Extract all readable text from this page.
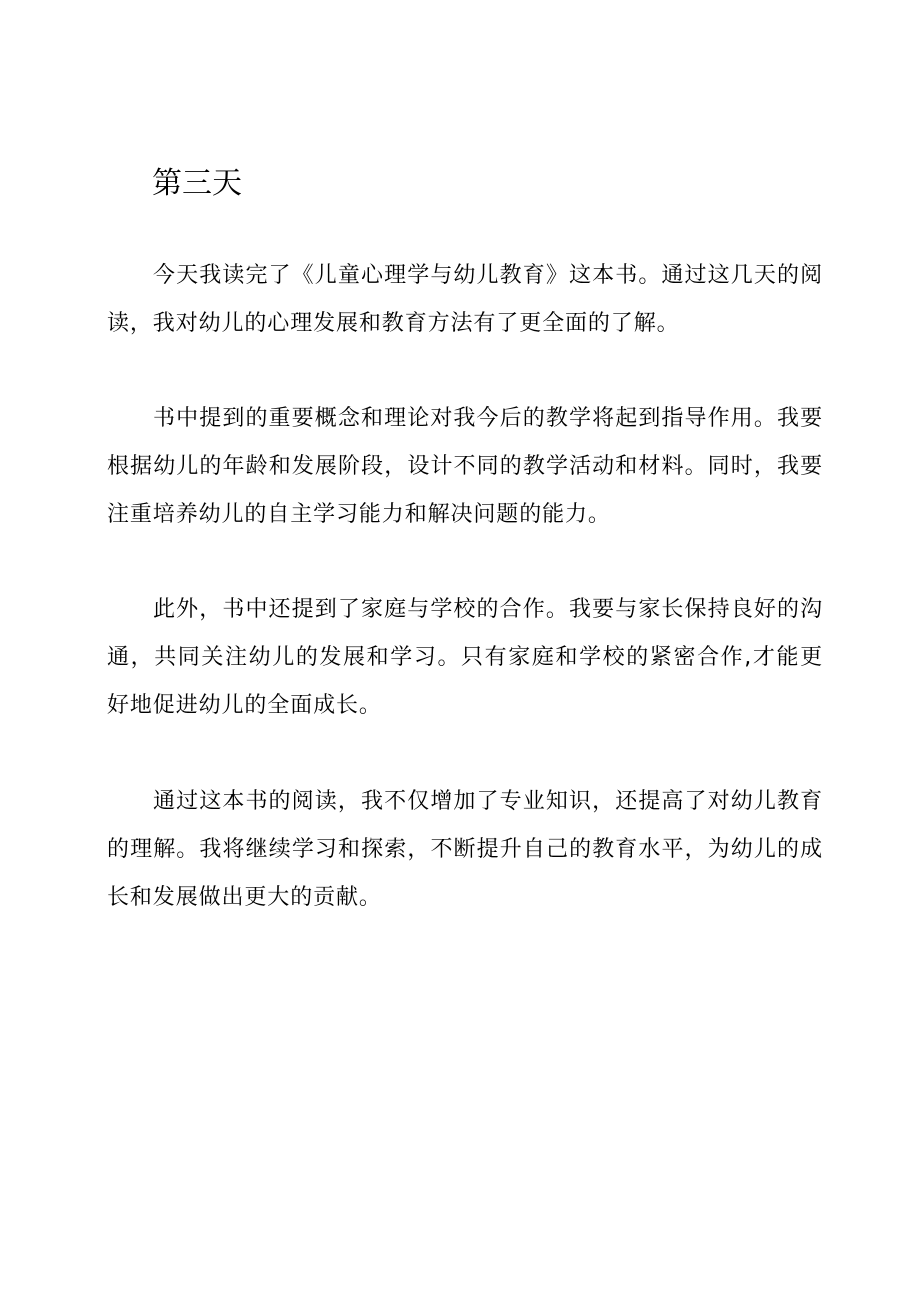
第三天

今天我读完了《儿童心理学与幼儿教育》这本书。通过这几天的阅读，我对幼儿的心理发展和教育方法有了更全面的了解。

书中提到的重要概念和理论对我今后的教学将起到指导作用。我要根据幼儿的年龄和发展阶段，设计不同的教学活动和材料。同时，我要注重培养幼儿的自主学习能力和解决问题的能力。

此外，书中还提到了家庭与学校的合作。我要与家长保持良好的沟通，共同关注幼儿的发展和学习。只有家庭和学校的紧密合作,才能更好地促进幼儿的全面成长。

通过这本书的阅读，我不仅增加了专业知识，还提高了对幼儿教育的理解。我将继续学习和探索，不断提升自己的教育水平，为幼儿的成长和发展做出更大的贡献。
